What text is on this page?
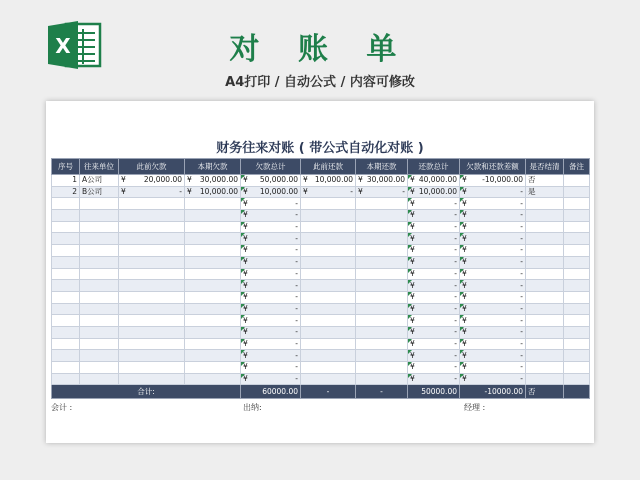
X	对 账 单
A4打印 / 自动公式 / 内容可修改
财务往来对账 ( 带公式自动化对账 )
序号	往来单位	此前欠款	本期欠款	欠款总计	此前还款	本期还款	还款总计	欠款和还款差额	是否结清	备注
1	A公司	¥ 20,000.00	¥ 30,000.00	¥ 50,000.00	¥ 10,000.00	¥ 30,000.00	¥ 40,000.00	¥ -10,000.00	否	
2	B公司	¥ -	¥ 10,000.00	¥ 10,000.00	¥ -	¥ -	¥ 10,000.00	¥ -	是	

				¥ -			¥ -	¥ -		

				¥ -			¥ -	¥ -		

				¥ -			¥ -	¥ -		

				¥ -			¥ -	¥ -		

				¥ -			¥ -	¥ -		

				¥ -			¥ -	¥ -		

				¥ -			¥ -	¥ -		

				¥ -			¥ -	¥ -		

				¥ -			¥ -	¥ -		

				¥ -			¥ -	¥ -		

				¥ -			¥ -	¥ -		

				¥ -			¥ -	¥ -		

				¥ -			¥ -	¥ -		

				¥ -			¥ -	¥ -		

				¥ -			¥ -	¥ -		

				¥ -			¥ -	¥ -		
合计:				60000.00	-	-	50000.00	-10000.00	否	
会计 :	出纳:	经理 :
